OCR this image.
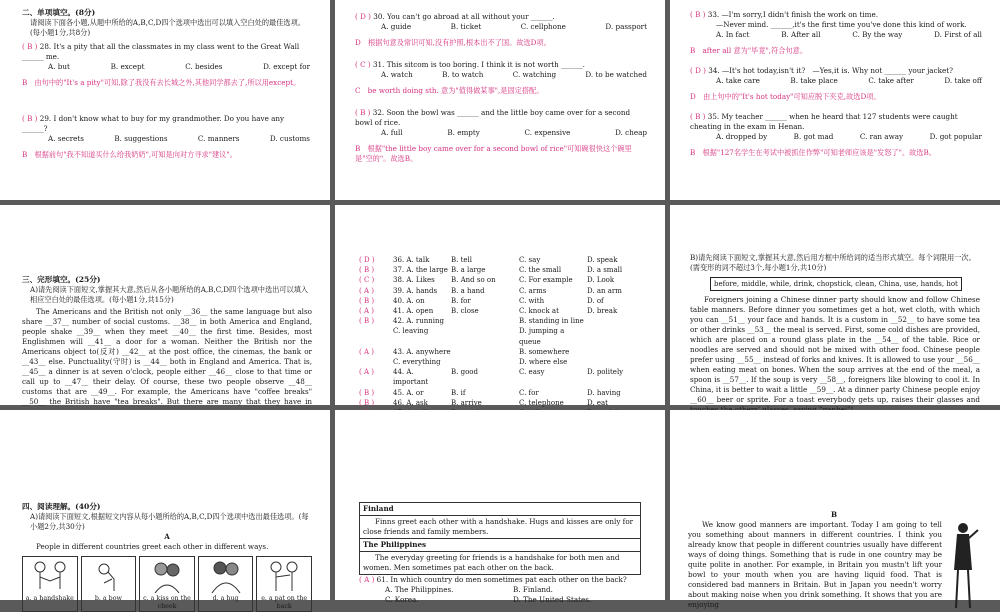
二、单项填空。(8分)
请阅读下面各小题,从题中所给的A,B,C,D四个选项中选出可以填入空白处的最佳选项。(每小题1分,共8分)
( B ) 28. It's a pity that all the classmates in my class went to the Great Wall ______ me.
A. but	B. except	C. besides	D. except for
B　由句中的"It's a pity"可知,除了我没有去长城之外,其他同学都去了,所以用except。
( B ) 29. I don't know what to buy for my grandmother. Do you have any ______?
A. secrets	B. suggestions	C. manners	D. customs
B　根据前句"我不知道买什么给我奶奶",可知是向对方寻求"建议"。
( D ) 30. You can't go abroad at all without your ______.
A. guide	B. ticket	C. cellphone	D. passport
D　根据句意及常识可知,没有护照,根本出不了国。故选D项。
( C ) 31. This sitcom is too boring. I think it is not worth ______.
A. watch	B. to watch	C. watching	D. to be watched
C　be worth doing sth. 意为"值得做某事",是固定搭配。
( B ) 32. Soon the bowl was ______ and the little boy came over for a second bowl of rice.
A. full	B. empty	C. expensive	D. cheap
B　根据"the little boy came over for a second bowl of rice"可知碗很快这个碗里是"空的"。故选B。
( B ) 33. —I'm sorry,I didn't finish the work on time.
—Never mind. ______,it's the first time you've done this kind of work.
A. In fact	B. After all	C. By the way	D. First of all
B　after all 意为"毕竟",符合句意。
( D ) 34. —It's hot today,isn't it?　—Yes,it is. Why not ______ your jacket?
A. take care	B. take place	C. take after	D. take off
D　由上句中的"It's hot today"可知应脱下夹克,故选D项。
( B ) 35. My teacher ______ when he heard that 127 students were caught cheating in the exam in Henan.
A. dropped by	B. got mad	C. ran away	D. got popular
B　根据"127名学生在考试中被抓住作弊"可知老师应该是"发怒了"。故选B。
三、完形填空。(25分)
A)请先阅读下面短文,掌握其大意,然后从各小题所给的A,B,C,D四个选项中选出可以填入相应空白处的最佳选项。(每小题1分,共15分)
The Americans and the British not only __36__ the same language but also share __37__ number of social customs. __38__ in both America and England, people shake __39__ when they meet __40__ the first time. Besides, most Englishmen will __41__ a door for a woman. Neither the British nor the Americans object to(反对) __42__ at the post office, the cinemas, the bank or __43__ else. Punctuality(守时) is __44__ both in England and America. That is, __45__ a dinner is at seven o'clock, people either __46__ close to that time or call up to __47__ their delay. Of course, these two people observe __48__ customs that are __49__. For example, the Americans have "coffee breaks" __50__ the British have "tea breaks". But there are many that they have in
( D )	36. A. talk	B. tell	C. say	D. speak
( B )	37. A. the large B. a large	C. the small	D. a small
( C )	38. A. Likes	B. And so on	C. For example	D. Look
( A )	39. A. hands	B. a hand	C. arms	D. an arm
( B )	40. A. on	B. for	C. with	D. of
( A )	41. A. open	B. close	C. knock at	D. break
( B )	42. A. running	B. standing in line
C. leaving	D. jumping a queue
( A )	43. A. anywhere	B. somewhere
C. everything	D. where else
( A )	44. A. important
B. good	C. easy	D. politely
( B )	45. A. or	B. if	C. for	D. having
( B )	46. A. ask	B. arrive	C. telephone	D. eat
B)请先阅读下面短文,掌握其大意,然后用方框中所给词的适当形式填空。每个词限用一次。(需变形的词不超过3个,每小题1分,共10分)
before, middle, while, drink, chopstick, clean, China, use, hands, hot
Foreigners joining a Chinese dinner party should know and follow Chinese table manners. Before dinner you sometimes get a hot, wet cloth, with which you can __51__ your face and hands. It is a custom in __52__ to have some tea or other drinks __53__ the meal is served. First, some cold dishes are provided, which are placed on a round glass plate in the __54__ of the table. Rice or noodles are served and should not be mixed with other food. Chinese people prefer using __55__ instead of forks and knives. It is allowed to use your __56__ when eating meat on bones. When the soup arrives at the end of the meal, a spoon is __57__. If the soup is very __58__, foreigners like blowing to cool it. In China, it is better to wait a little __59__. At a dinner party Chinese people enjoy __60__ beer or sprite. For a toast everybody gets up, raises their glasses and
四、阅读理解。(40分)
A)请阅读下面短文,根据短文内容从每小题所给的A,B,C,D四个选项中选出最佳选项。(每小题2分,共30分)
A
People in different countries greet each other in different ways.
a. a handshake	b. a bow	c. a kiss on the cheek
d. a hug	e. a pat on the back
Finland
Finns greet each other with a handshake. Hugs and kisses are only for close friends and family members.
The Philippines
The everyday greeting for friends is a handshake for both men and women. Men sometimes pat each other on the back.
( A ) 61. In which country do men sometimes pat each other on the back?
A. The Philippines.	B. Finland.
C. Korea.	D. The United States.
B
We know good manners are important. Today I am going to tell you something about manners in different countries. I think you already know that people in different countries usually have different ways of doing things. Something that is rude in one country may be quite polite in another. For example, in Britain you mustn't lift your bowl to your mouth when you are having liquid food. That is considered bad manners in Britain. But in Japan you needn't worry about making noise when you drink something. It shows that you are enjoying
